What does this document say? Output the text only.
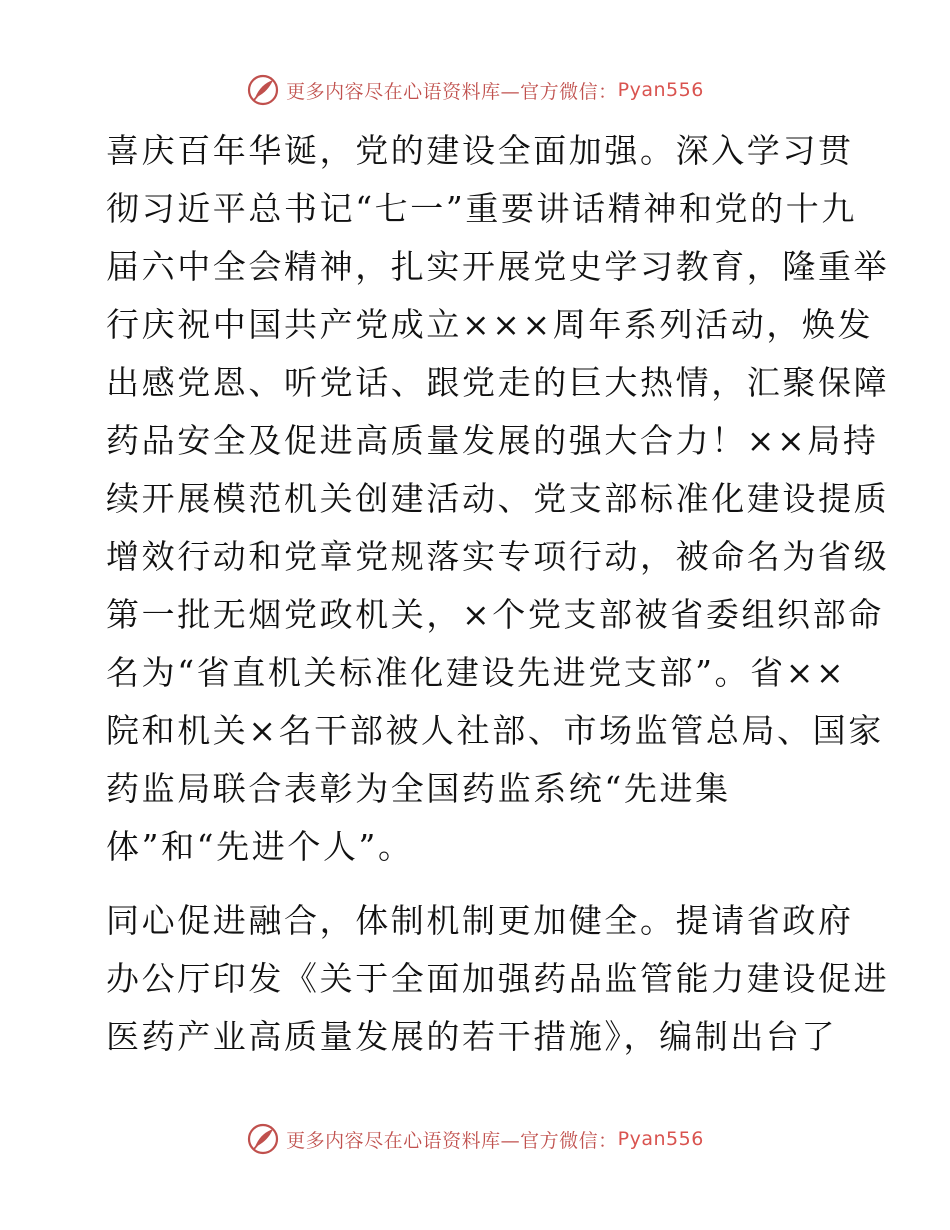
更多内容尽在心语资料库—官方微信： Pyan556

喜庆百年华诞，党的建设全面加强。深入学习贯
彻习近平总书记“七一”重要讲话精神和党的十九
届六中全会精神，扎实开展党史学习教育，隆重举
行庆祝中国共产党成立×××周年系列活动，焕发
出感党恩、听党话、跟党走的巨大热情，汇聚保障
药品安全及促进高质量发展的强大合力！××局持
续开展模范机关创建活动、党支部标准化建设提质
增效行动和党章党规落实专项行动，被命名为省级
第一批无烟党政机关，×个党支部被省委组织部命
名为“省直机关标准化建设先进党支部”。省××
院和机关×名干部被人社部、市场监管总局、国家
药监局联合表彰为全国药监系统“先进集
体”和“先进个人”。

同心促进融合，体制机制更加健全。提请省政府
办公厅印发《关于全面加强药品监管能力建设促进
医药产业高质量发展的若干措施》，编制出台了

更多内容尽在心语资料库—官方微信： Pyan556
